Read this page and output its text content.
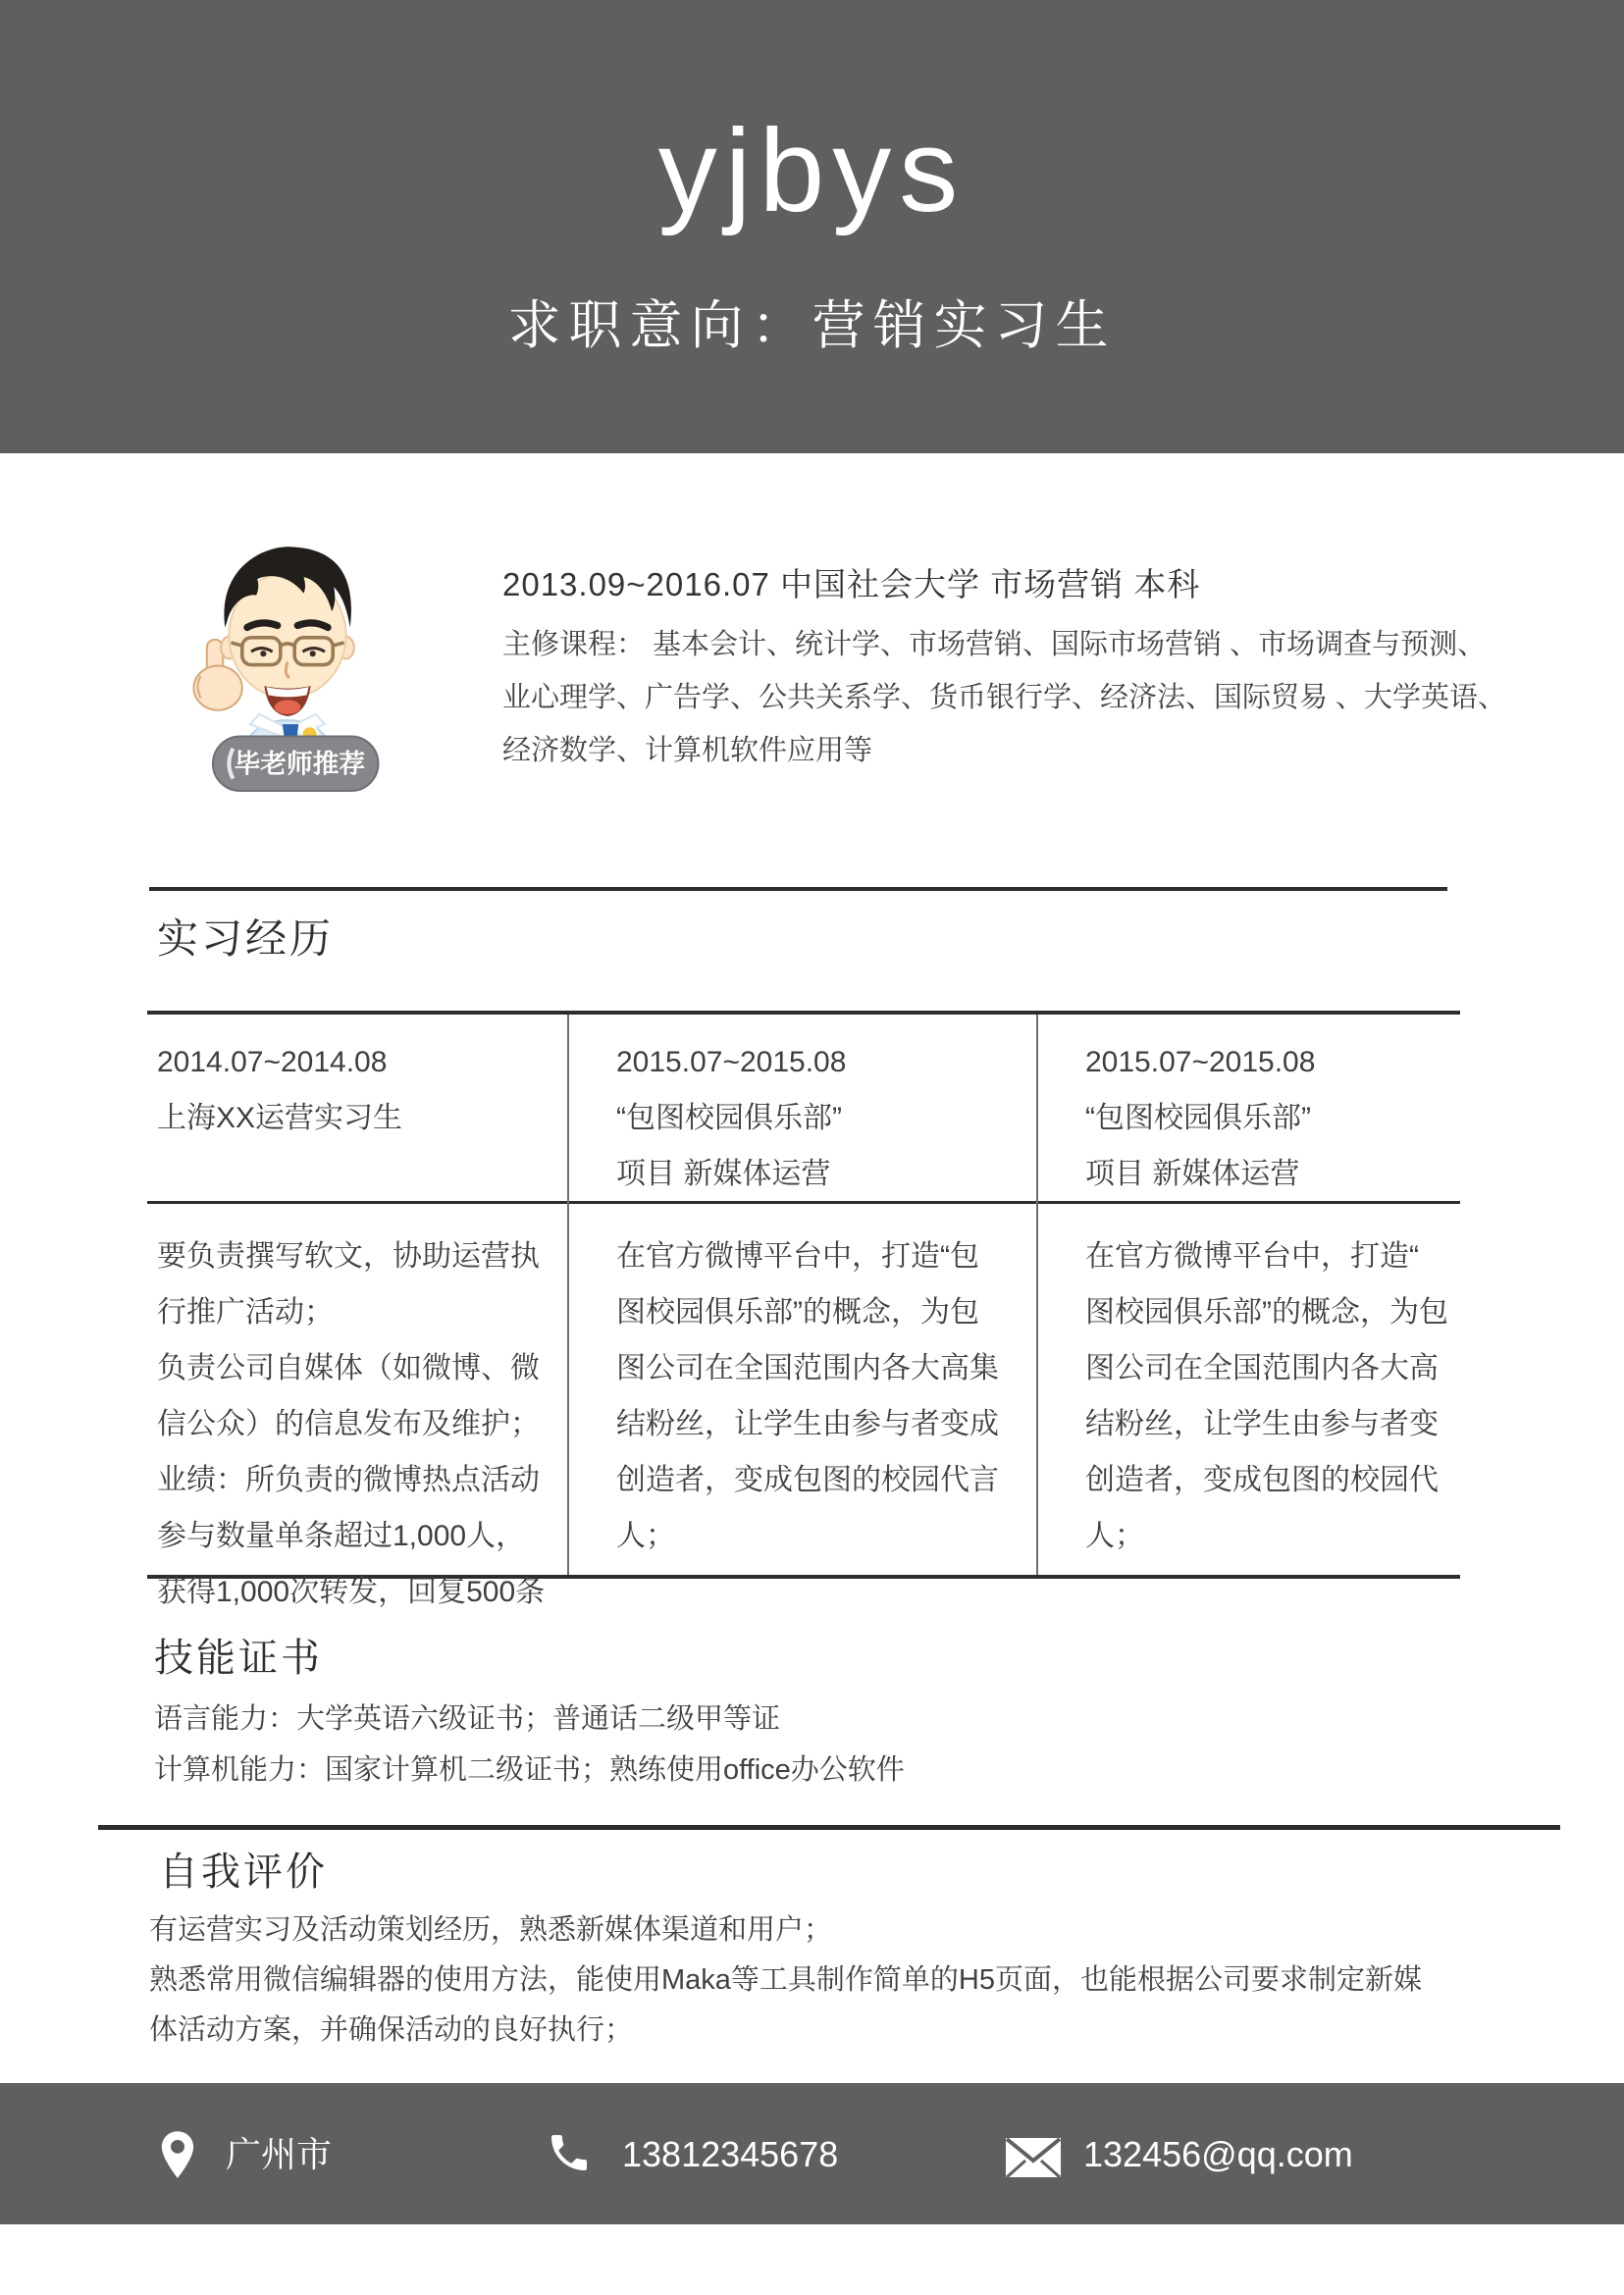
yjbys
求职意向：营销实习生
毕老师推荐
2013.09~2016.07 中国社会大学 市场营销 本科
主修课程： 基本会计、统计学、市场营销、国际市场营销 、市场调查与预测、
业心理学、广告学、公共关系学、货币银行学、经济法、国际贸易 、大学英语、
经济数学、计算机软件应用等
实习经历
2014.07~2014.08
上海XX运营实习生
2015.07~2015.08
“包图校园俱乐部”
项目 新媒体运营
2015.07~2015.08
“包图校园俱乐部”
项目 新媒体运营
要负责撰写软文，协助运营执
行推广活动；
负责公司自媒体（如微博、微
信公众）的信息发布及维护；
业绩：所负责的微博热点活动
参与数量单条超过1,000人，
获得1,000次转发，回复500条
在官方微博平台中，打造“包
图校园俱乐部”的概念，为包
图公司在全国范围内各大高集
结粉丝，让学生由参与者变成
创造者，变成包图的校园代言
人；
在官方微博平台中，打造“
图校园俱乐部”的概念，为包
图公司在全国范围内各大高
结粉丝，让学生由参与者变
创造者，变成包图的校园代
人；
技能证书
语言能力：大学英语六级证书；普通话二级甲等证
计算机能力：国家计算机二级证书；熟练使用office办公软件
自我评价
有运营实习及活动策划经历，熟悉新媒体渠道和用户；
熟悉常用微信编辑器的使用方法，能使用Maka等工具制作简单的H5页面，也能根据公司要求制定新媒
体活动方案，并确保活动的良好执行；
广州市	13812345678	132456@qq.com
